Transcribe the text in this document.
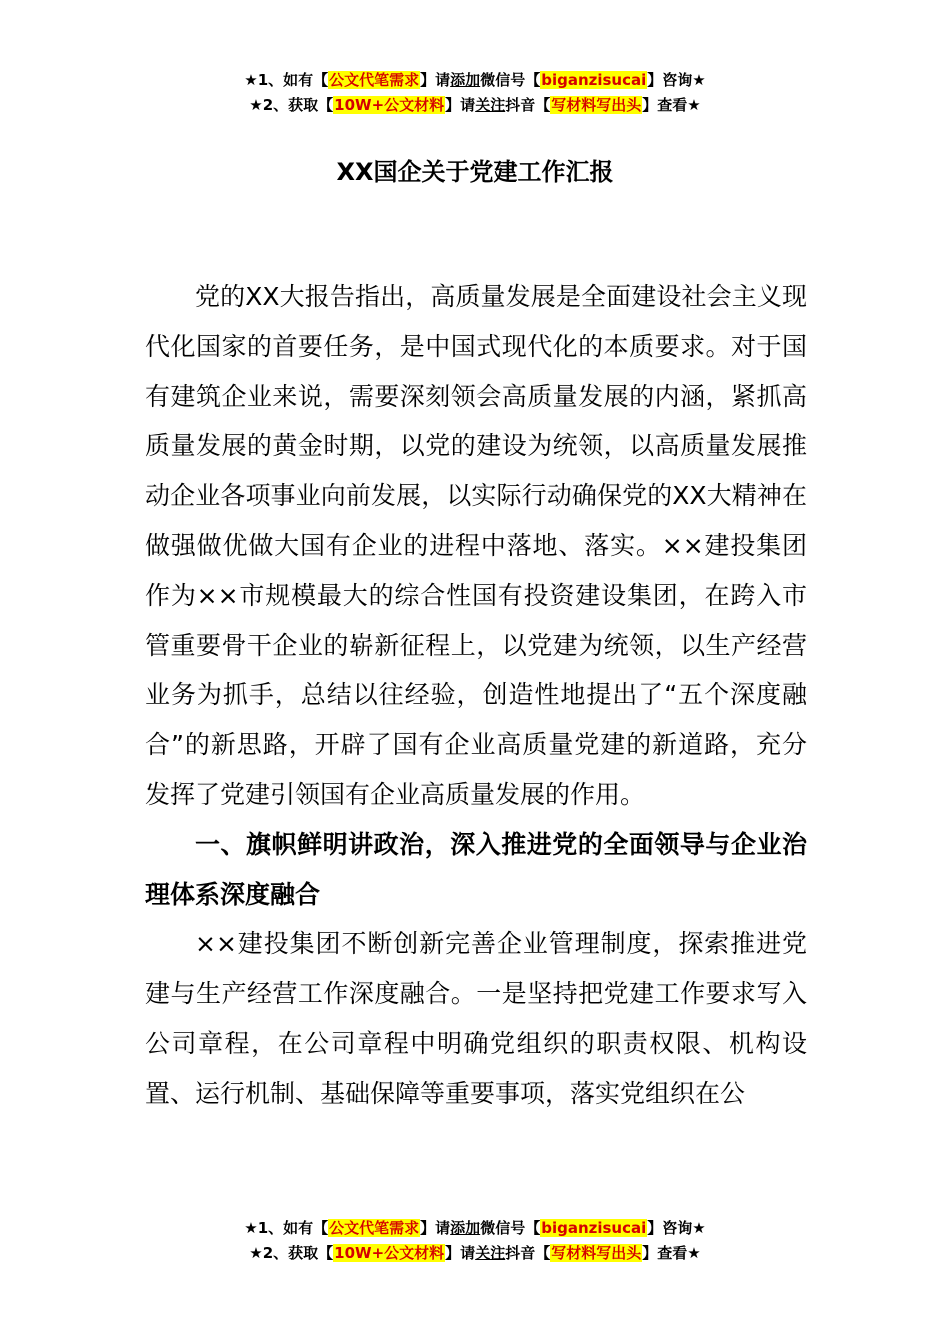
★1、如有【公文代笔需求】请添加微信号【biganzisucai】咨询★
★2、获取【10W+公文材料】请关注抖音【写材料写出头】查看★
XX国企关于党建工作汇报

党的XX大报告指出，高质量发展是全面建设社会主义现代化国家的首要任务，是中国式现代化的本质要求。对于国有建筑企业来说，需要深刻领会高质量发展的内涵，紧抓高质量发展的黄金时期，以党的建设为统领，以高质量发展推动企业各项事业向前发展，以实际行动确保党的XX大精神在做强做优做大国有企业的进程中落地、落实。××建投集团作为××市规模最大的综合性国有投资建设集团，在跨入市管重要骨干企业的崭新征程上，以党建为统领，以生产经营业务为抓手，总结以往经验，创造性地提出了“五个深度融合”的新思路，开辟了国有企业高质量党建的新道路，充分发挥了党建引领国有企业高质量发展的作用。

一、旗帜鲜明讲政治，深入推进党的全面领导与企业治理体系深度融合

××建投集团不断创新完善企业管理制度，探索推进党建与生产经营工作深度融合。一是坚持把党建工作要求写入公司章程，在公司章程中明确党组织的职责权限、机构设置、运行机制、基础保障等重要事项，落实党组织在公

★1、如有【公文代笔需求】请添加微信号【biganzisucai】咨询★
★2、获取【10W+公文材料】请关注抖音【写材料写出头】查看★
